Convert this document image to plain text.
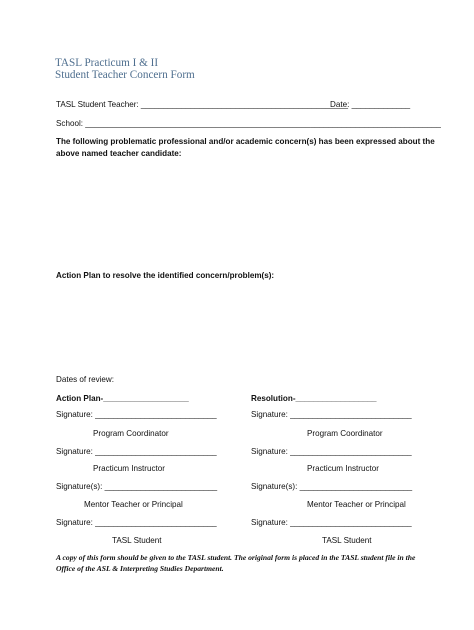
TASL Practicum I & II
Student Teacher Concern Form
TASL Student Teacher: ______________________________________________
Date: _____________
School: _______________________________________________________________________________
The following problematic professional and/or academic concern(s) has been expressed about the
above named teacher candidate:
Action Plan to resolve the identified concern/problem(s):
Dates of review:
Action Plan-___________________	Resolution-__________________
Signature: ___________________________	Signature: ___________________________
Program Coordinator	Program Coordinator
Signature: ___________________________	Signature: ___________________________
Practicum Instructor	Practicum Instructor
Signature(s): _________________________	Signature(s): _________________________
Mentor Teacher or Principal	Mentor Teacher or Principal
Signature: ___________________________	Signature: ___________________________
TASL Student	TASL Student
A copy of this form should be given to the TASL student. The original form is placed in the TASL student file in the Office of the ASL & Interpreting Studies Department.
